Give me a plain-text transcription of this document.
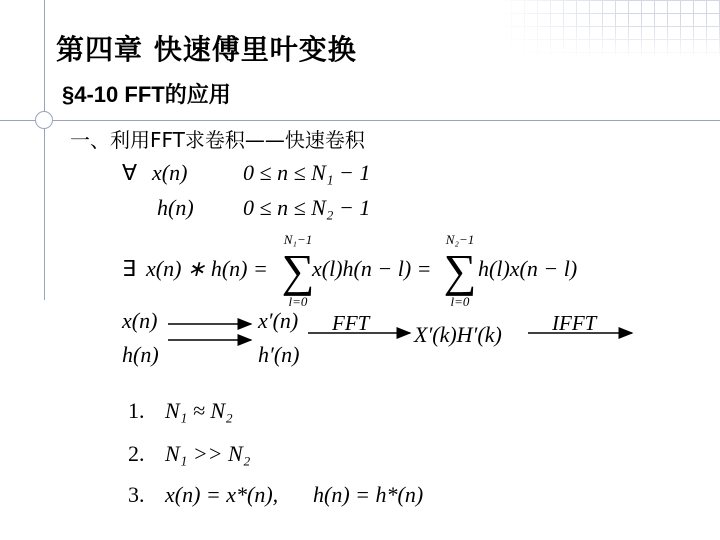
第四章 快速傅里叶变换
§4-10 FFT的应用
一、利用FFT求卷积——快速卷积
∀ x(n)	0 ≤ n ≤ N₁ − 1
h(n) 0 ≤ n ≤ N₂ − 1
∃ x(n) ∗ h(n) =
N₁−1
∑
l=0
x(l)h(n − l) =
N₂−1
∑
l=0
h(l)x(n − l)
x(n)
h(n)
x′(n)
h′(n)
FFT X′(k)H′(k) IFFT
1. N₁ ≈ N₂
2. N₁ >> N₂
3. x(n) = x*(n), h(n) = h*(n)
